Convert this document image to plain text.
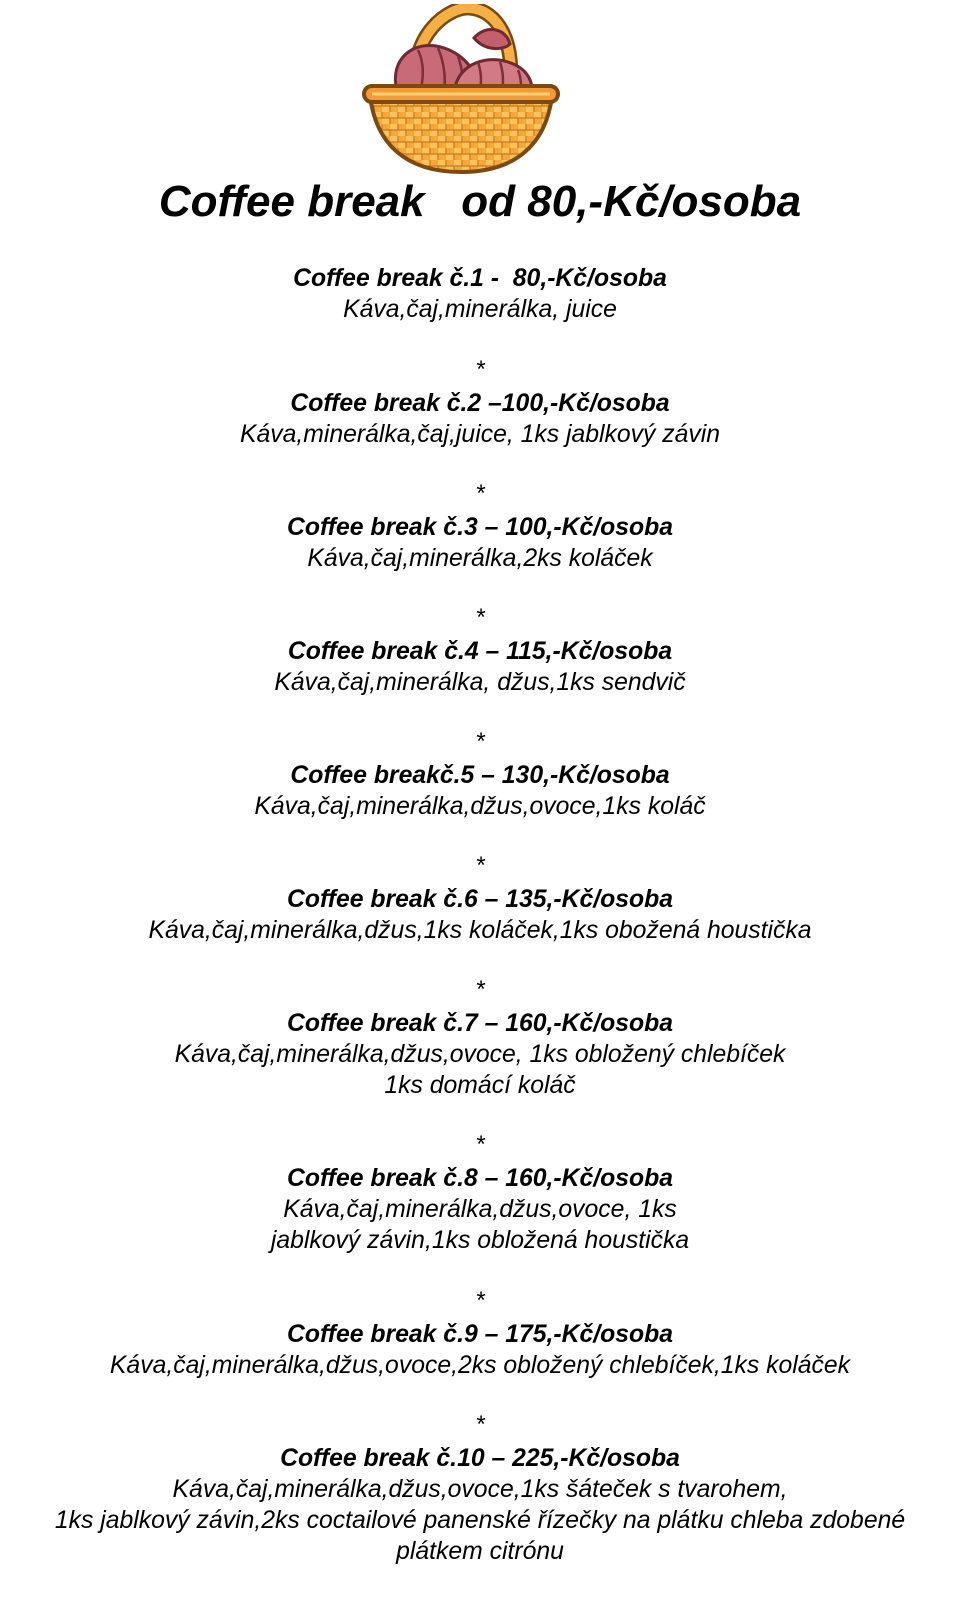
Coffee break   od 80,-Kč/osoba
Coffee break č.1 -  80,-Kč/osoba
Káva,čaj,minerálka, juice
*
Coffee break č.2 –100,-Kč/osoba
Káva,minerálka,čaj,juice, 1ks jablkový závin
*
Coffee break č.3 – 100,-Kč/osoba
Káva,čaj,minerálka,2ks koláček
*
Coffee break č.4 – 115,-Kč/osoba
Káva,čaj,minerálka, džus,1ks sendvič
*
Coffee breakč.5 – 130,-Kč/osoba
Káva,čaj,minerálka,džus,ovoce,1ks koláč
*
Coffee break č.6 – 135,-Kč/osoba
Káva,čaj,minerálka,džus,1ks koláček,1ks obožená houstička
*
Coffee break č.7 – 160,-Kč/osoba
Káva,čaj,minerálka,džus,ovoce, 1ks obložený chlebíček
1ks domácí koláč
*
Coffee break č.8 – 160,-Kč/osoba
Káva,čaj,minerálka,džus,ovoce, 1ks
jablkový závin,1ks obložená houstička
*
Coffee break č.9 – 175,-Kč/osoba
Káva,čaj,minerálka,džus,ovoce,2ks obložený chlebíček,1ks koláček
*
Coffee break č.10 – 225,-Kč/osoba
Káva,čaj,minerálka,džus,ovoce,1ks šáteček s tvarohem,
1ks jablkový závin,2ks coctailové panenské řízečky na plátku chleba zdobené
plátkem citrónu
